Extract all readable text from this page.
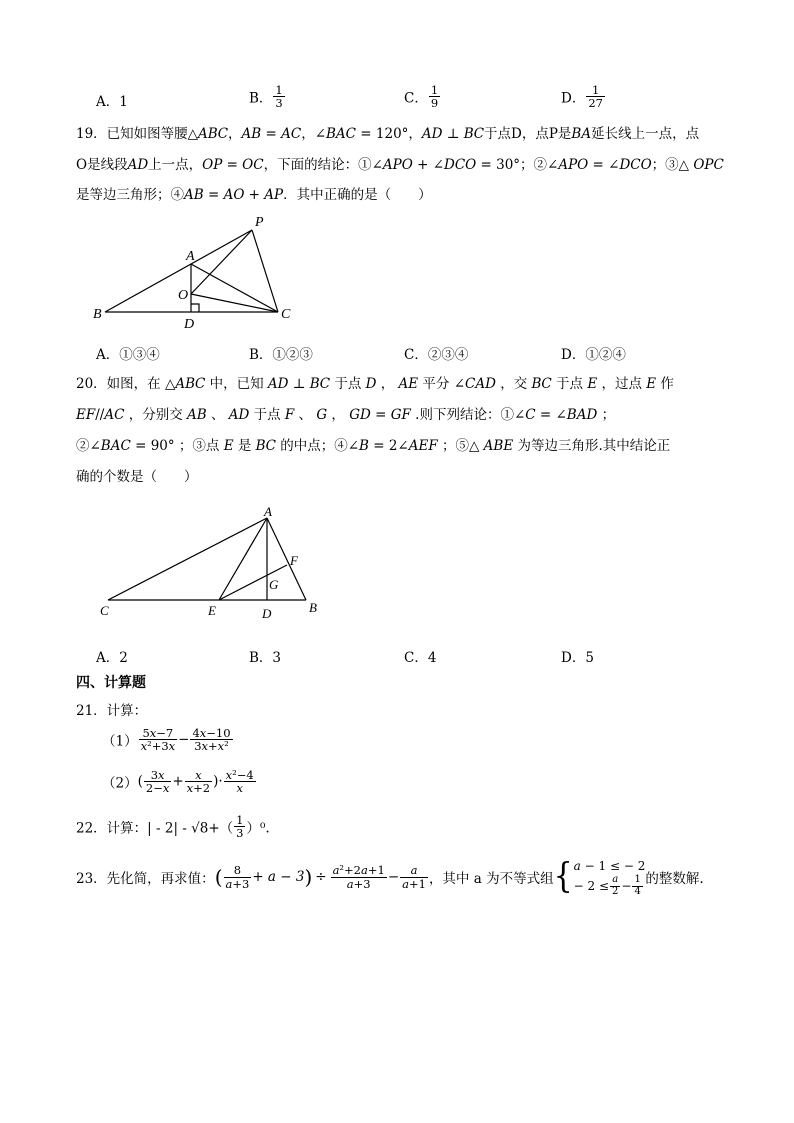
A．1	B． $\frac{1}{3}$	C． $\frac{1}{9}$	D． $\frac{1}{27}$
19．已知如图等腰△𝐴𝐵𝐶，𝐴𝐵 = 𝐴𝐶，∠𝐵𝐴𝐶 = 120°，𝐴𝐷 ⊥ 𝐵𝐶于点D，点P是𝐵𝐴延长线上一点，点
O是线段𝐴𝐷上一点，𝑂𝑃 = 𝑂𝐶，下面的结论：①∠𝐴𝑃𝑂 + ∠𝐷𝐶𝑂 = 30°；②∠𝐴𝑃𝑂 = ∠𝐷𝐶𝑂；③△ 𝑂𝑃𝐶
是等边三角形；④𝐴𝐵 = 𝐴𝑂 + 𝐴𝑃．其中正确的是（　　）
P
A
O
B
D
C
A．①③④	B．①②③	C．②③④	D．①②④
20．如图，在 △𝐴𝐵𝐶 中，已知 𝐴𝐷 ⊥ 𝐵𝐶 于点 𝐷 ， 𝐴𝐸 平分 ∠𝐶𝐴𝐷 ，交 𝐵𝐶 于点 𝐸 ，过点 𝐸 作
𝐸𝐹//𝐴𝐶 ，分别交 𝐴𝐵 、 𝐴𝐷 于点 𝐹 、 𝐺 ， 𝐺𝐷 = 𝐺𝐹 .则下列结论：①∠𝐶 = ∠𝐵𝐴𝐷 ；
②∠𝐵𝐴𝐶 = 90° ；③点 𝐸 是 𝐵𝐶 的中点；④∠𝐵 = 2∠𝐴𝐸𝐹 ；⑤△ 𝐴𝐵𝐸 为等边三角形.其中结论正
确的个数是（　　）
A
F
G
C	E	D	B
A．2	B．3	C．4	D．5
四、计算题
21．计算：
$(1) \frac{\text{5𝑥−7}}{\text{𝑥²+3𝑥}} - \frac{\text{4𝑥−10}}{\text{3𝑥+𝑥²}}$
$(2)( \frac{\text{3𝑥}}{\text{2−𝑥}} + \frac{\text{𝑥}}{\text{𝑥+2}}$ )· $\frac{\text{𝑥²−4}}{\text{𝑥}}$
22．计算：| - $2| - √8+( \frac{1}{3} )^0$.
23．先化简，再求值：( $\frac{8}{\text{𝑎+3}}$ + 𝑎 − $3) \div \frac{\text{𝑎²+2𝑎+1}}{\text{𝑎+3}} - \frac{\text{𝑎}}{\text{𝑎+1}}$ ，其中 a 为不等式组{ 𝑎 − 1 ≤ − 2
− $2 \le \frac{\text{𝑎}}{2} - \frac{1}{4}$ 的整数解.
